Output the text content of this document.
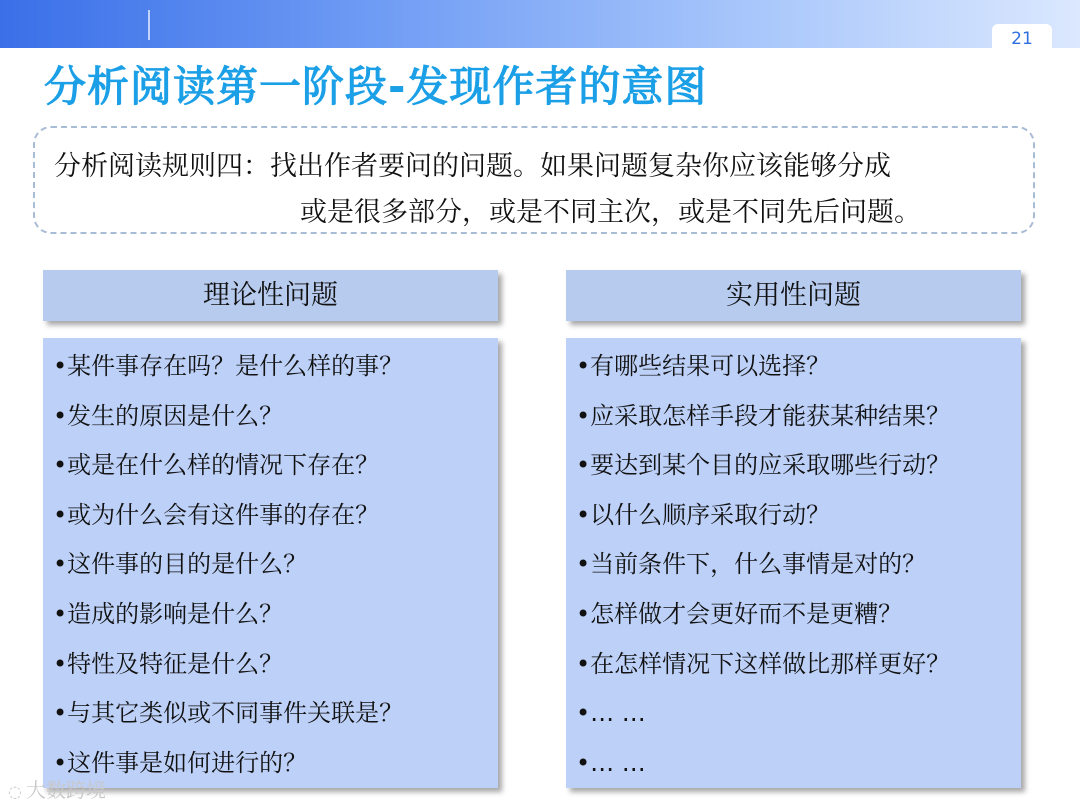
21
分析阅读第一阶段-发现作者的意图
分析阅读规则四：找出作者要问的问题。如果问题复杂你应该能够分成
或是很多部分，或是不同主次，或是不同先后问题。
理论性问题
•某件事存在吗？是什么样的事？
•发生的原因是什么？
•或是在什么样的情况下存在？
•或为什么会有这件事的存在？
•这件事的目的是什么？
•造成的影响是什么？
•特性及特征是什么？
•与其它类似或不同事件关联是？
•这件事是如何进行的？
实用性问题
•有哪些结果可以选择？
•应采取怎样手段才能获某种结果？
•要达到某个目的应采取哪些行动？
•以什么顺序采取行动？
•当前条件下，什么事情是对的？
•怎样做才会更好而不是更糟？
•在怎样情况下这样做比那样更好？
•… …
•… …
◌ 大数跨境
